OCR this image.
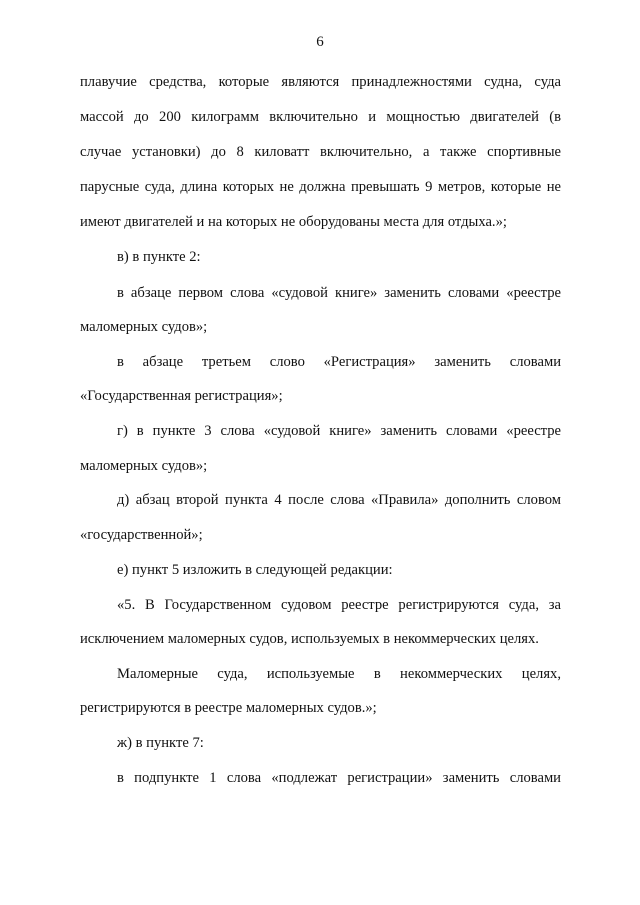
6
плавучие средства, которые являются принадлежностями судна, суда
массой до 200 килограмм включительно и мощностью двигателей (в
случае установки) до 8 киловатт включительно, а также спортивные
парусные суда, длина которых не должна превышать 9 метров, которые не
имеют двигателей и на которых не оборудованы места для отдыха.»;
в) в пункте 2:
в абзаце первом слова «судовой книге» заменить словами «реестре
маломерных судов»;
в абзаце третьем слово «Регистрация» заменить словами
«Государственная регистрация»;
г) в пункте 3 слова «судовой книге» заменить словами «реестре
маломерных судов»;
д) абзац второй пункта 4 после слова «Правила» дополнить словом
«государственной»;
е) пункт 5 изложить в следующей редакции:
«5. В Государственном судовом реестре регистрируются суда, за
исключением маломерных судов, используемых в некоммерческих целях.
Маломерные суда, используемые в некоммерческих целях,
регистрируются в реестре маломерных судов.»;
ж) в пункте 7:
в подпункте 1 слова «подлежат регистрации» заменить словами
